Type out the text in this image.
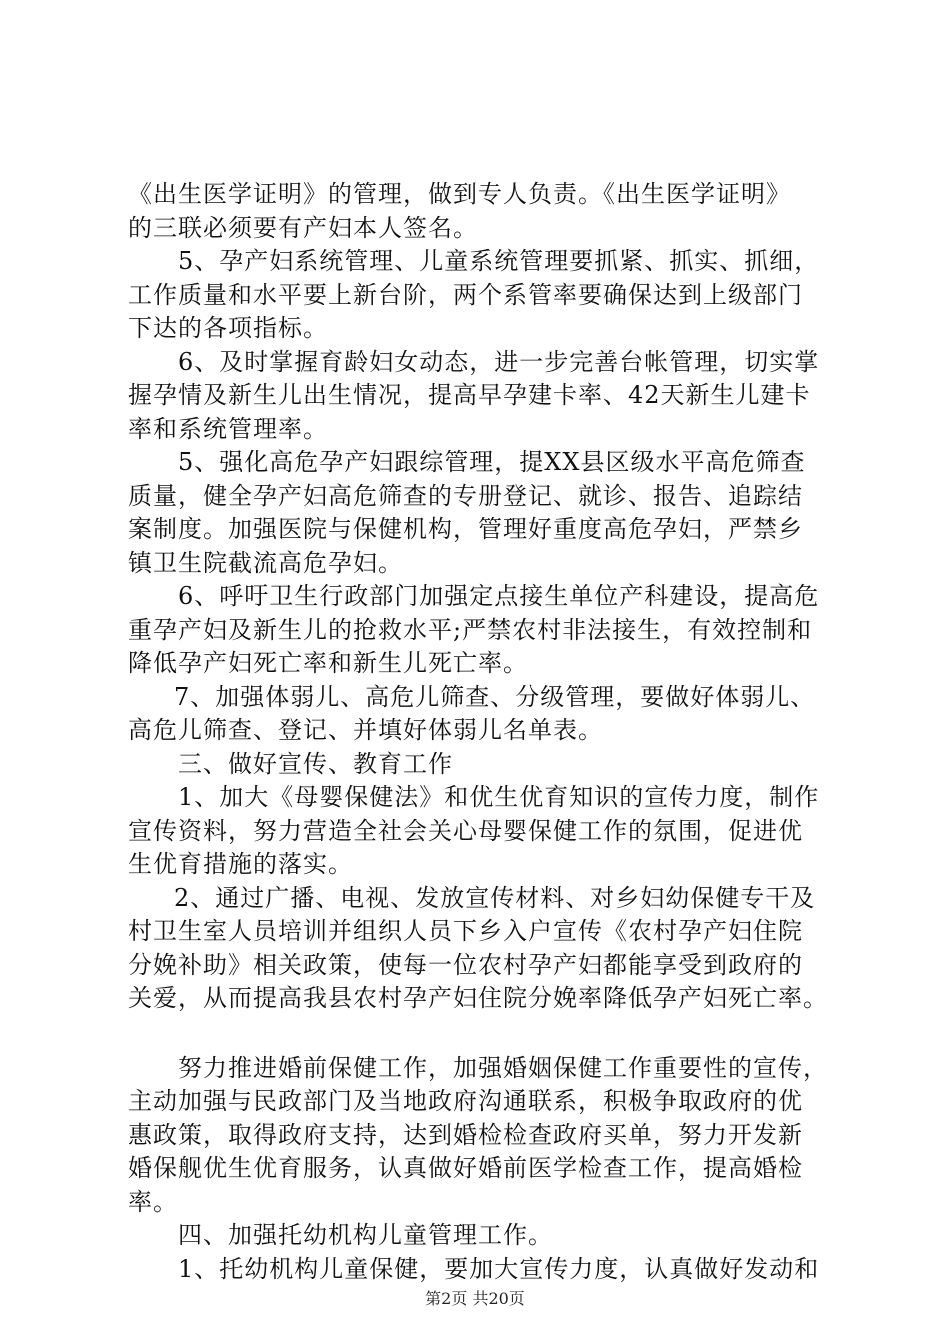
《出生医学证明》的管理，做到专人负责。《出生医学证明》
的三联必须要有产妇本人签名。
5、孕产妇系统管理、儿童系统管理要抓紧、抓实、抓细，
工作质量和水平要上新台阶，两个系管率要确保达到上级部门
下达的各项指标。
6、及时掌握育龄妇女动态，进一步完善台帐管理，切实掌
握孕情及新生儿出生情况，提高早孕建卡率、42天新生儿建卡
率和系统管理率。
5、强化高危孕产妇跟综管理，提XX县区级水平高危筛查
质量，健全孕产妇高危筛查的专册登记、就诊、报告、追踪结
案制度。加强医院与保健机构，管理好重度高危孕妇，严禁乡
镇卫生院截流高危孕妇。
6、呼吁卫生行政部门加强定点接生单位产科建设，提高危
重孕产妇及新生儿的抢救水平;严禁农村非法接生，有效控制和
降低孕产妇死亡率和新生儿死亡率。
7、加强体弱儿、高危儿筛查、分级管理，要做好体弱儿、
高危儿筛查、登记、并填好体弱儿名单表。
三、做好宣传、教育工作
1、加大《母婴保健法》和优生优育知识的宣传力度，制作
宣传资料，努力营造全社会关心母婴保健工作的氛围，促进优
生优育措施的落实。
2、通过广播、电视、发放宣传材料、对乡妇幼保健专干及
村卫生室人员培训并组织人员下乡入户宣传《农村孕产妇住院
分娩补助》相关政策，使每一位农村孕产妇都能享受到政府的
关爱，从而提高我县农村孕产妇住院分娩率降低孕产妇死亡率。
努力推进婚前保健工作，加强婚姻保健工作重要性的宣传，
主动加强与民政部门及当地政府沟通联系，积极争取政府的优
惠政策，取得政府支持，达到婚检检查政府买单，努力开发新
婚保舰优生优育服务，认真做好婚前医学检查工作，提高婚检
率。
四、加强托幼机构儿童管理工作。
1、托幼机构儿童保健，要加大宣传力度，认真做好发动和
第2页 共20页
